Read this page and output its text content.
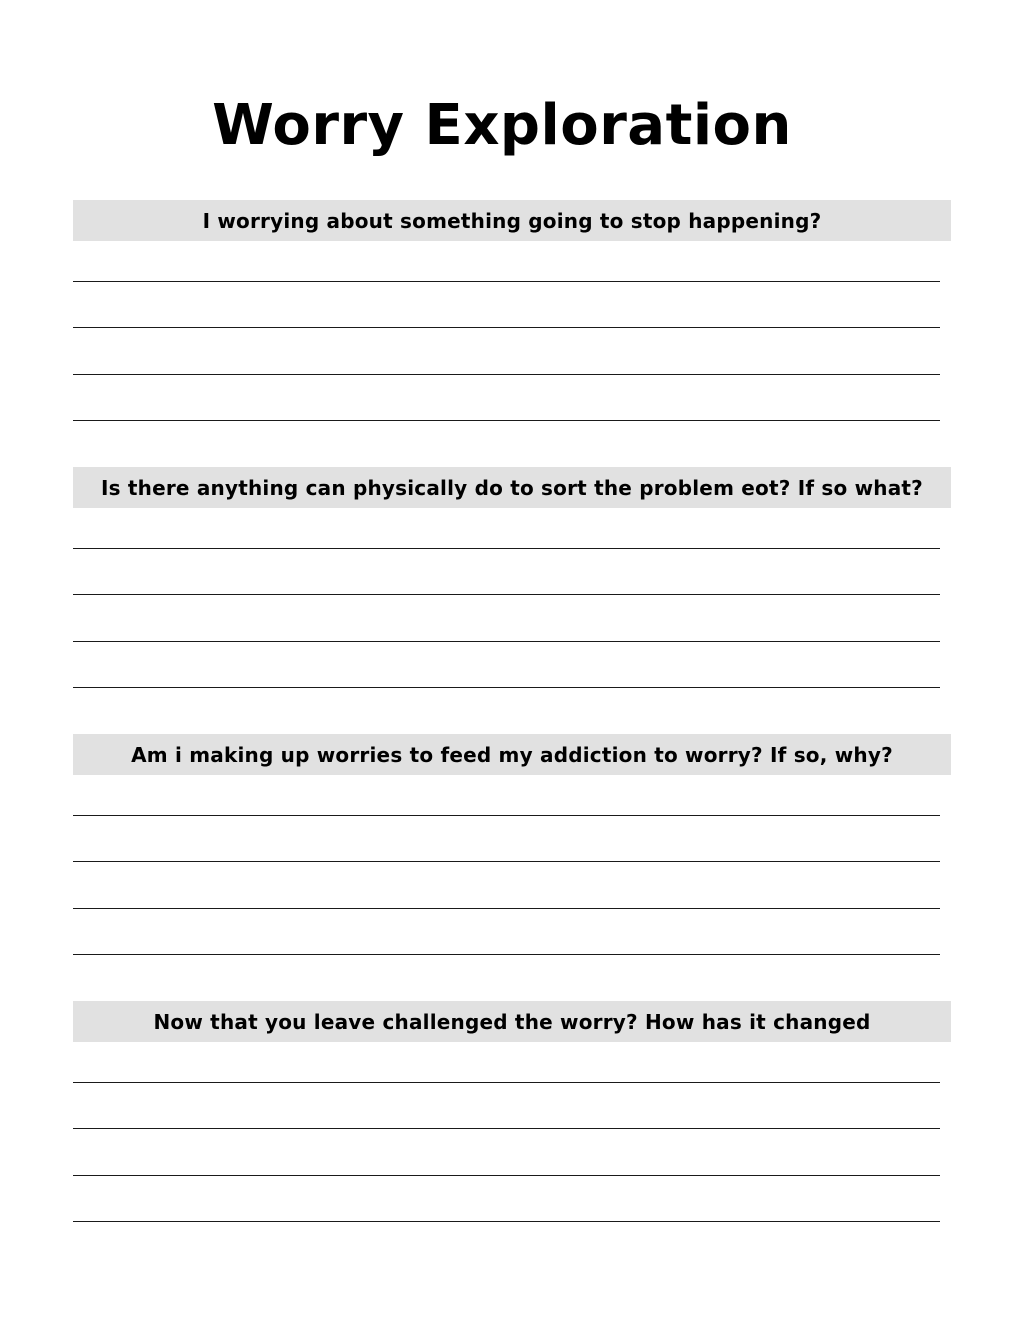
Worry Exploration
I worrying about something going to stop happening?
Is there anything can physically do to sort the problem eot? If so what?
Am i making up worries to feed my addiction to worry? If so, why?
Now that you leave challenged the worry? How has it changed
